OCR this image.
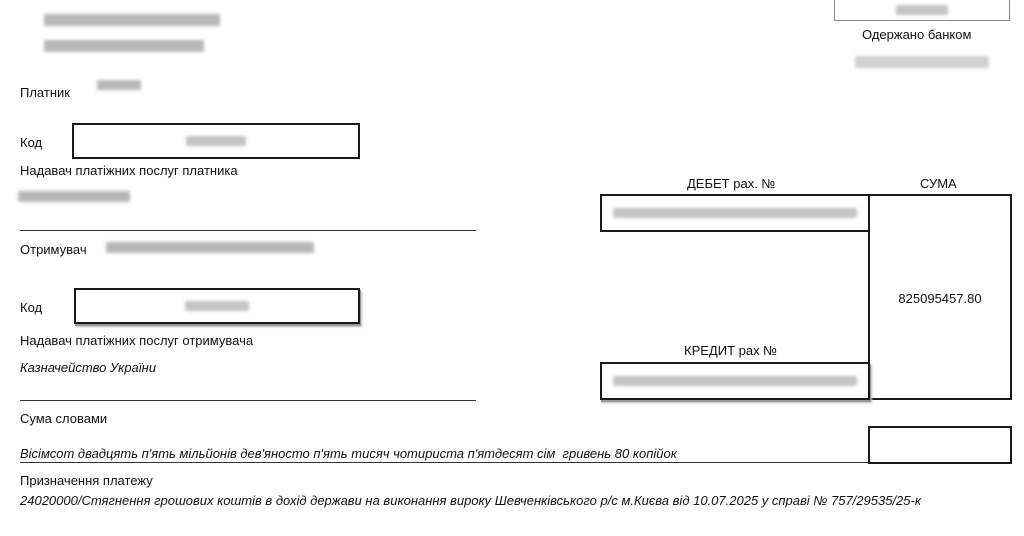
Одержано банком
Платник
Код
Надавач платіжних послуг платника
Отримувач
Код
Надавач платіжних послуг отримувача
Казначейство України
ДЕБЕТ рах. №	СУМА
825095457.80
КРЕДИТ рах №
Сума словами
Вісімсот двадцять п'ять мільйонів дев'яносто п'ять тисяч чотириста п'ятдесят сім  гривень 80 копійок
Призначення платежу
24020000/Стягнення грошових коштів в дохід держави на виконання вироку Шевченківського р/с м.Києва від 10.07.2025 у справі № 757/29535/25-к
